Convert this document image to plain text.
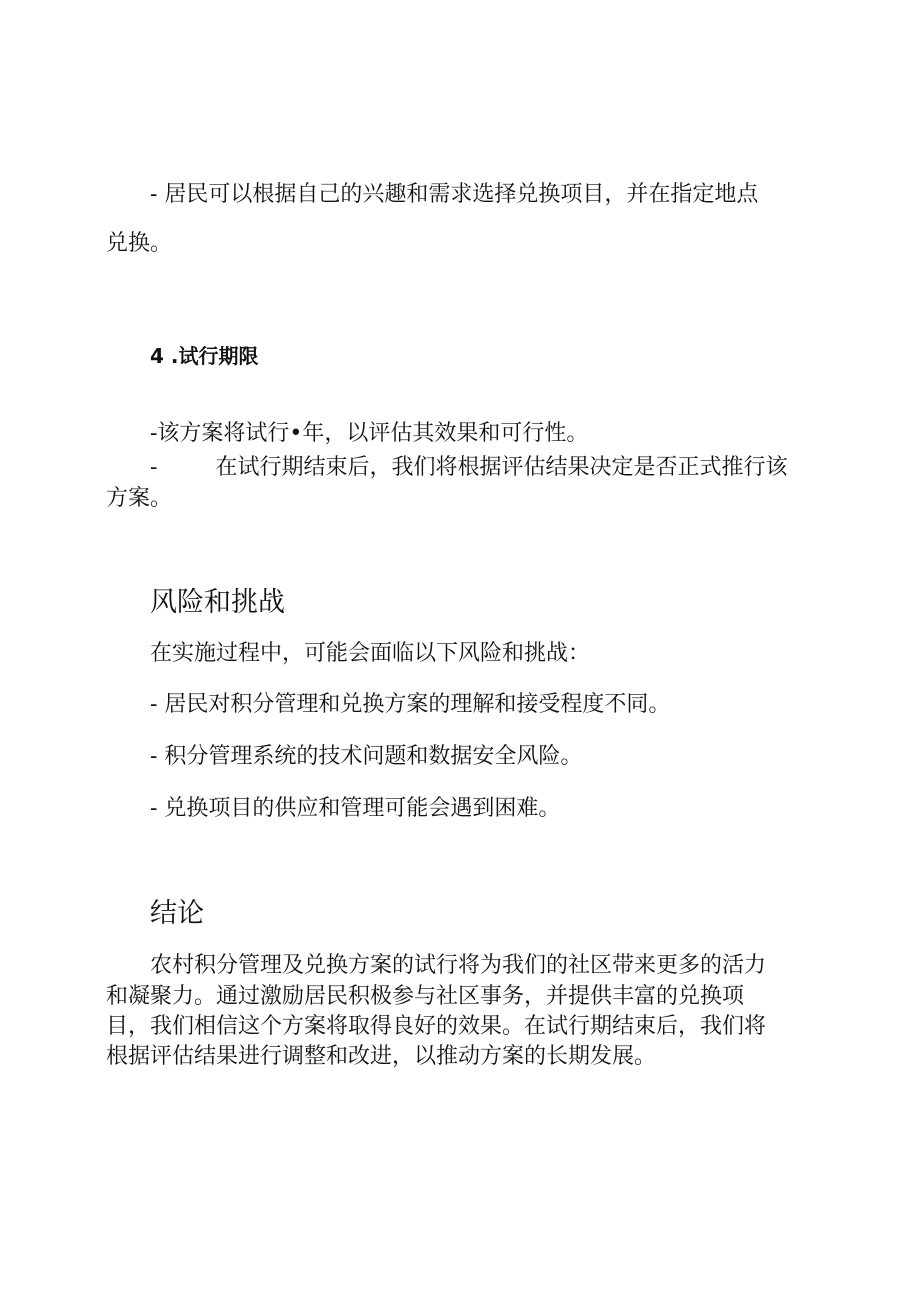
- 居民可以根据自己的兴趣和需求选择兑换项目，并在指定地点

兑换。

4 .试行期限

-该方案将试行•年，以评估其效果和可行性。

-	在试行期结束后，我们将根据评估结果决定是否正式推行该

方案。

风险和挑战

在实施过程中，可能会面临以下风险和挑战：

- 居民对积分管理和兑换方案的理解和接受程度不同。

- 积分管理系统的技术问题和数据安全风险。

- 兑换项目的供应和管理可能会遇到困难。

结论

农村积分管理及兑换方案的试行将为我们的社区带来更多的活力

和凝聚力。通过激励居民积极参与社区事务，并提供丰富的兑换项

目，我们相信这个方案将取得良好的效果。在试行期结束后，我们将

根据评估结果进行调整和改进，以推动方案的长期发展。
